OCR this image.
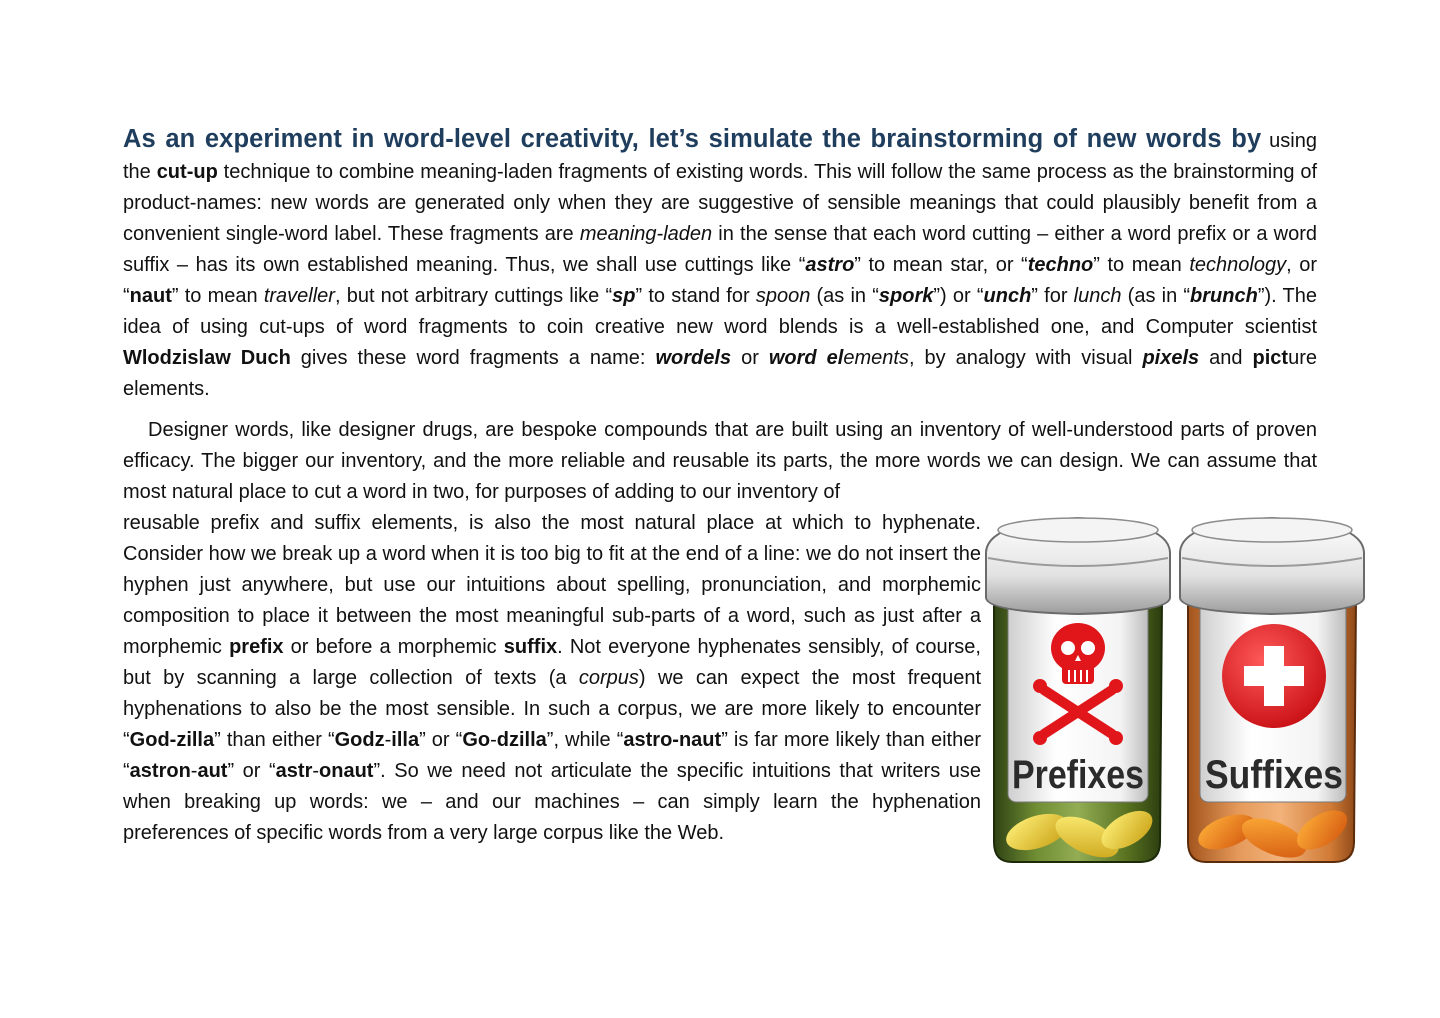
As an experiment in word-level creativity, let’s simulate the brainstorming of new words by using the cut-up technique to combine meaning-laden fragments of existing words. This will follow the same process as the brainstorming of product-names: new words are generated only when they are suggestive of sensible meanings that could plausibly benefit from a convenient single-word label. These fragments are meaning-laden in the sense that each word cutting – either a word prefix or a word suffix – has its own established meaning. Thus, we shall use cuttings like “astro” to mean star, or “techno” to mean technology, or “naut” to mean traveller, but not arbitrary cuttings like “sp” to stand for spoon (as in “spork”) or “unch” for lunch (as in “brunch”). The idea of using cut-ups of word fragments to coin creative new word blends is a well-established one, and Computer scientist Wlodzislaw Duch gives these word fragments a name: wordels or word elements, by analogy with visual pixels and picture elements.

Designer words, like designer drugs, are bespoke compounds that are built using an inventory of well-understood parts of proven efficacy. The bigger our inventory, and the more reliable and reusable its parts, the more words we can design. We can assume that most natural place to cut a word in two, for purposes of adding to our inventory of

reusable prefix and suffix elements, is also the most natural place at which to hyphenate. Consider how we break up a word when it is too big to fit at the end of a line: we do not insert the hyphen just anywhere, but use our intuitions about spelling, pronunciation, and morphemic composition to place it between the most meaningful sub-parts of a word, such as just after a morphemic prefix or before a morphemic suffix. Not everyone hyphenates sensibly, of course, but by scanning a large collection of texts (a corpus) we can expect the most frequent hyphenations to also be the most sensible. In such a corpus, we are more likely to encounter “God-zilla” than either “Godz-illa” or “Go-dzilla”, while “astro-naut” is far more likely than either “astron-aut” or “astr-onaut”. So we need not articulate the specific intuitions that writers use when breaking up words: we – and our machines – can simply learn the hyphenation preferences of specific words from a very large corpus like the Web.

Prefixes Suffixes
